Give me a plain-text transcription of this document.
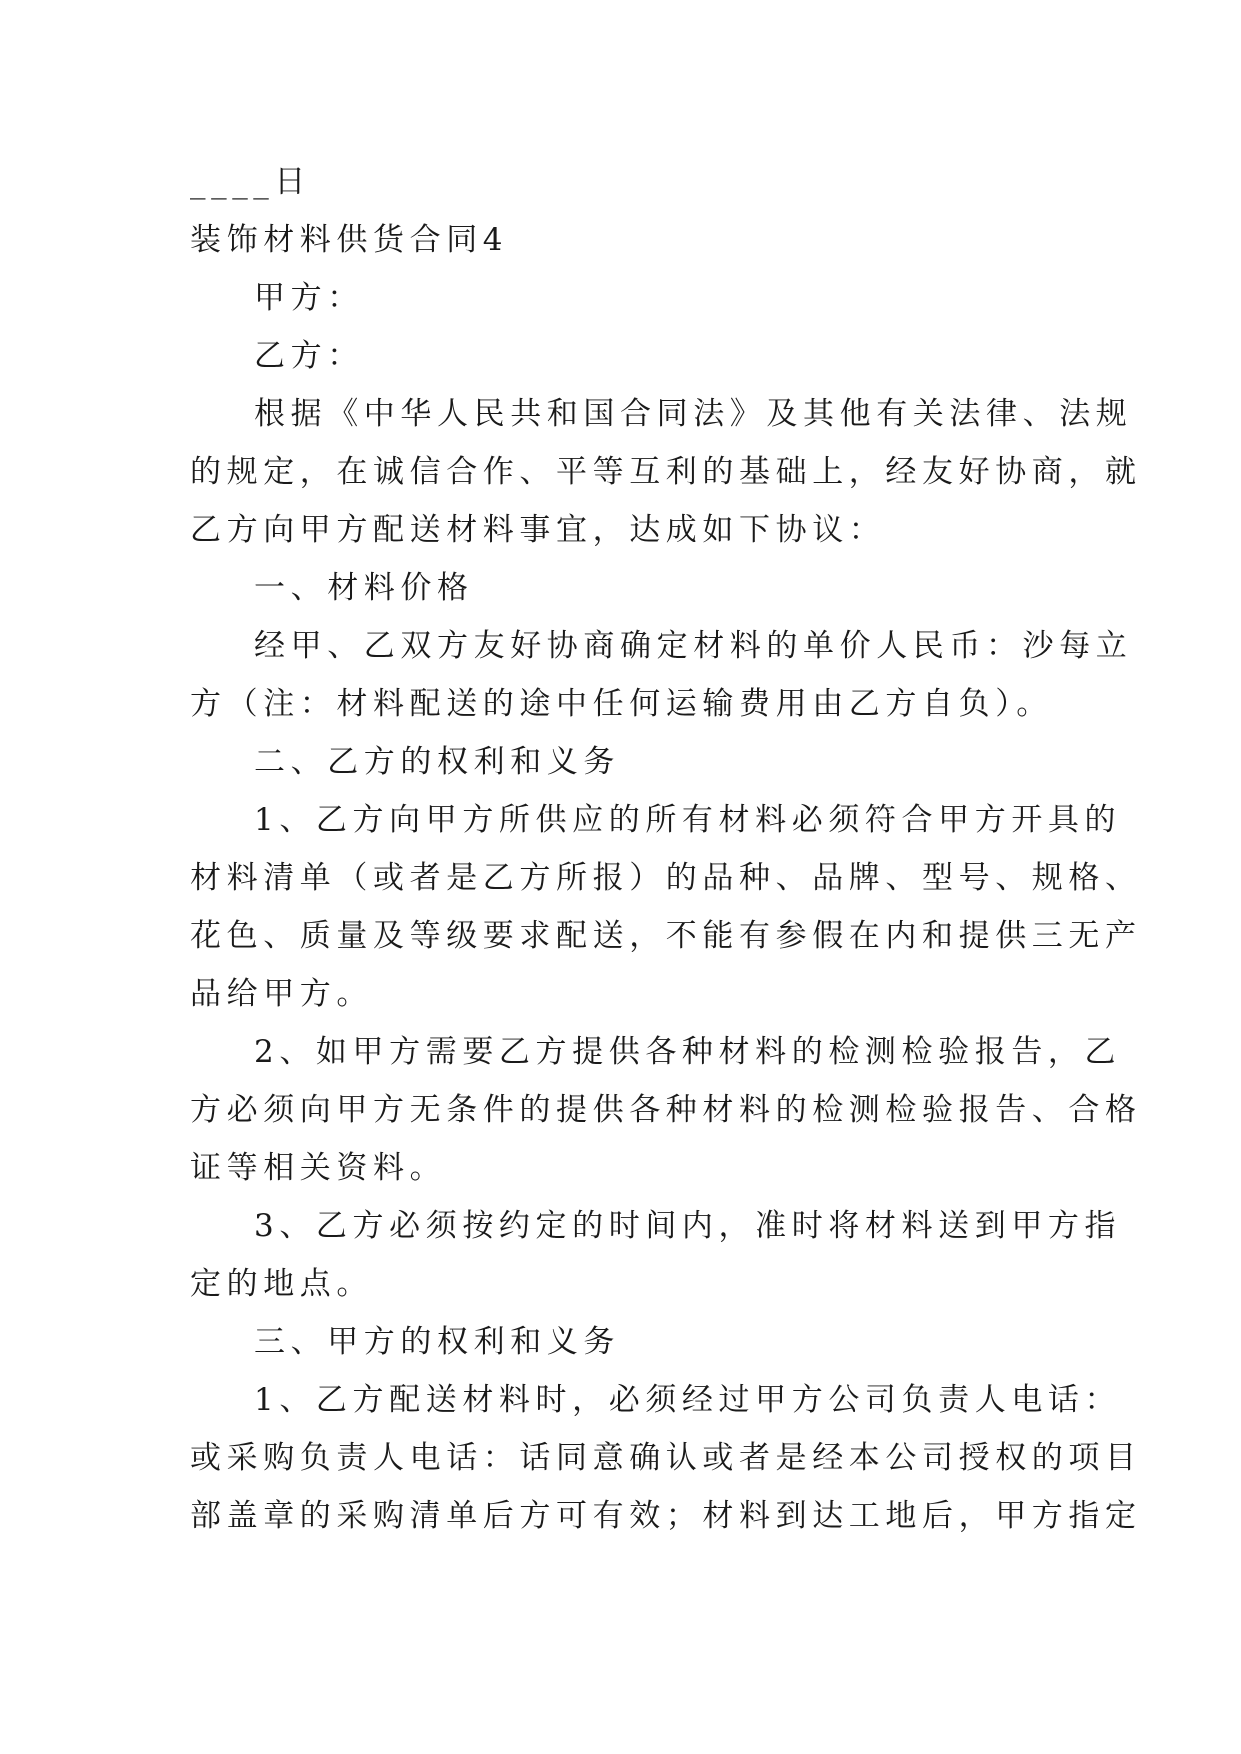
____日
装饰材料供货合同4
甲方：
乙方：
根据《中华人民共和国合同法》及其他有关法律、法规
的规定，在诚信合作、平等互利的基础上，经友好协商，就
乙方向甲方配送材料事宜，达成如下协议：
一、材料价格
经甲、乙双方友好协商确定材料的单价人民币：沙每立
方（注：材料配送的途中任何运输费用由乙方自负）。
二、乙方的权利和义务
1、乙方向甲方所供应的所有材料必须符合甲方开具的
材料清单（或者是乙方所报）的品种、品牌、型号、规格、
花色、质量及等级要求配送，不能有参假在内和提供三无产
品给甲方。
2、如甲方需要乙方提供各种材料的检测检验报告，乙
方必须向甲方无条件的提供各种材料的检测检验报告、合格
证等相关资料。
3、乙方必须按约定的时间内，准时将材料送到甲方指
定的地点。
三、甲方的权利和义务
1、乙方配送材料时，必须经过甲方公司负责人电话：
或采购负责人电话：话同意确认或者是经本公司授权的项目
部盖章的采购清单后方可有效；材料到达工地后，甲方指定
